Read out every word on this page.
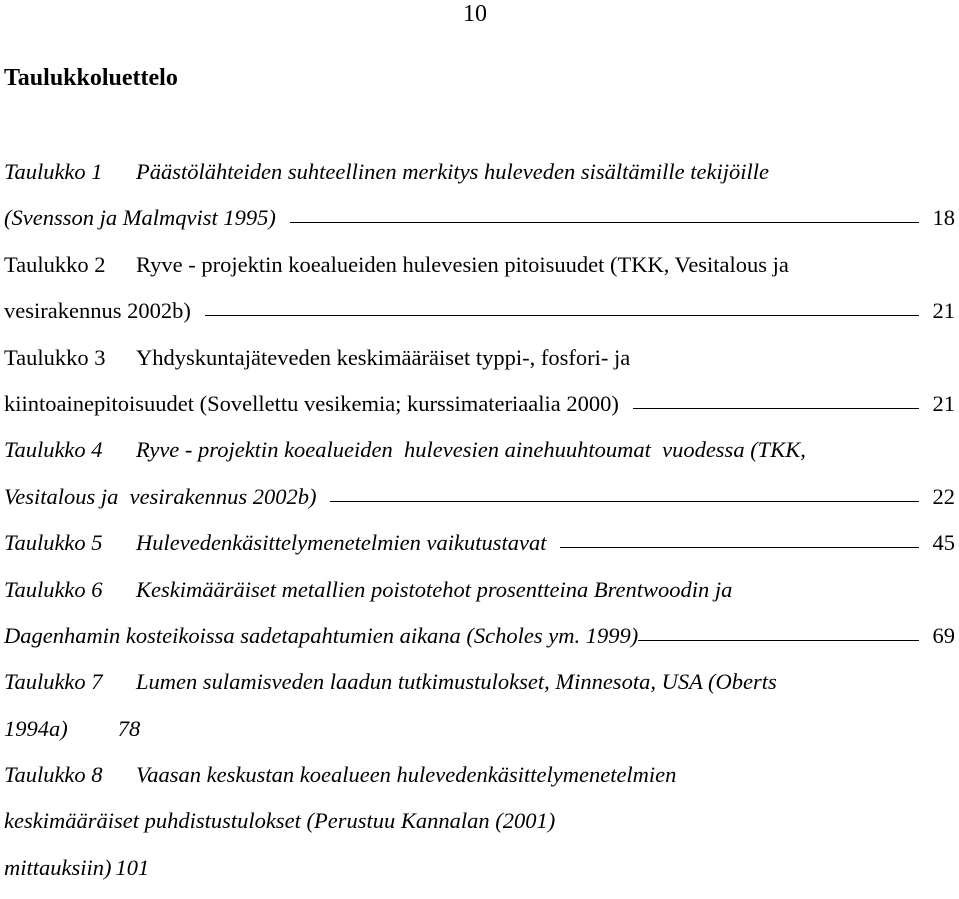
10
Taulukkoluettelo
Taulukko 1	Päästölähteiden suhteellinen merkitys huleveden sisältämille tekijöille
(Svensson ja Malmqvist 1995)	18
Taulukko 2	Ryve - projektin koealueiden hulevesien pitoisuudet (TKK, Vesitalous ja
vesirakennus 2002b)	21
Taulukko 3	Yhdyskuntajäteveden keskimääräiset typpi-, fosfori- ja
kiintoainepitoisuudet (Sovellettu vesikemia; kurssimateriaalia 2000)	21
Taulukko 4	Ryve - projektin koealueiden  hulevesien ainehuuhtoumat  vuodessa (TKK,
Vesitalous ja  vesirakennus 2002b)	22
Taulukko 5	Hulevedenkäsittelymenetelmien vaikutustavat	45
Taulukko 6	Keskimääräiset metallien poistotehot prosentteina Brentwoodin ja
Dagenhamin kosteikoissa sadetapahtumien aikana (Scholes ym. 1999)	69
Taulukko 7	Lumen sulamisveden laadun tutkimustulokset, Minnesota, USA (Oberts
1994a) 78
Taulukko 8	Vaasan keskustan koealueen hulevedenkäsittelymenetelmien
keskimääräiset puhdistustulokset (Perustuu Kannalan (2001)
mittauksiin) 101
